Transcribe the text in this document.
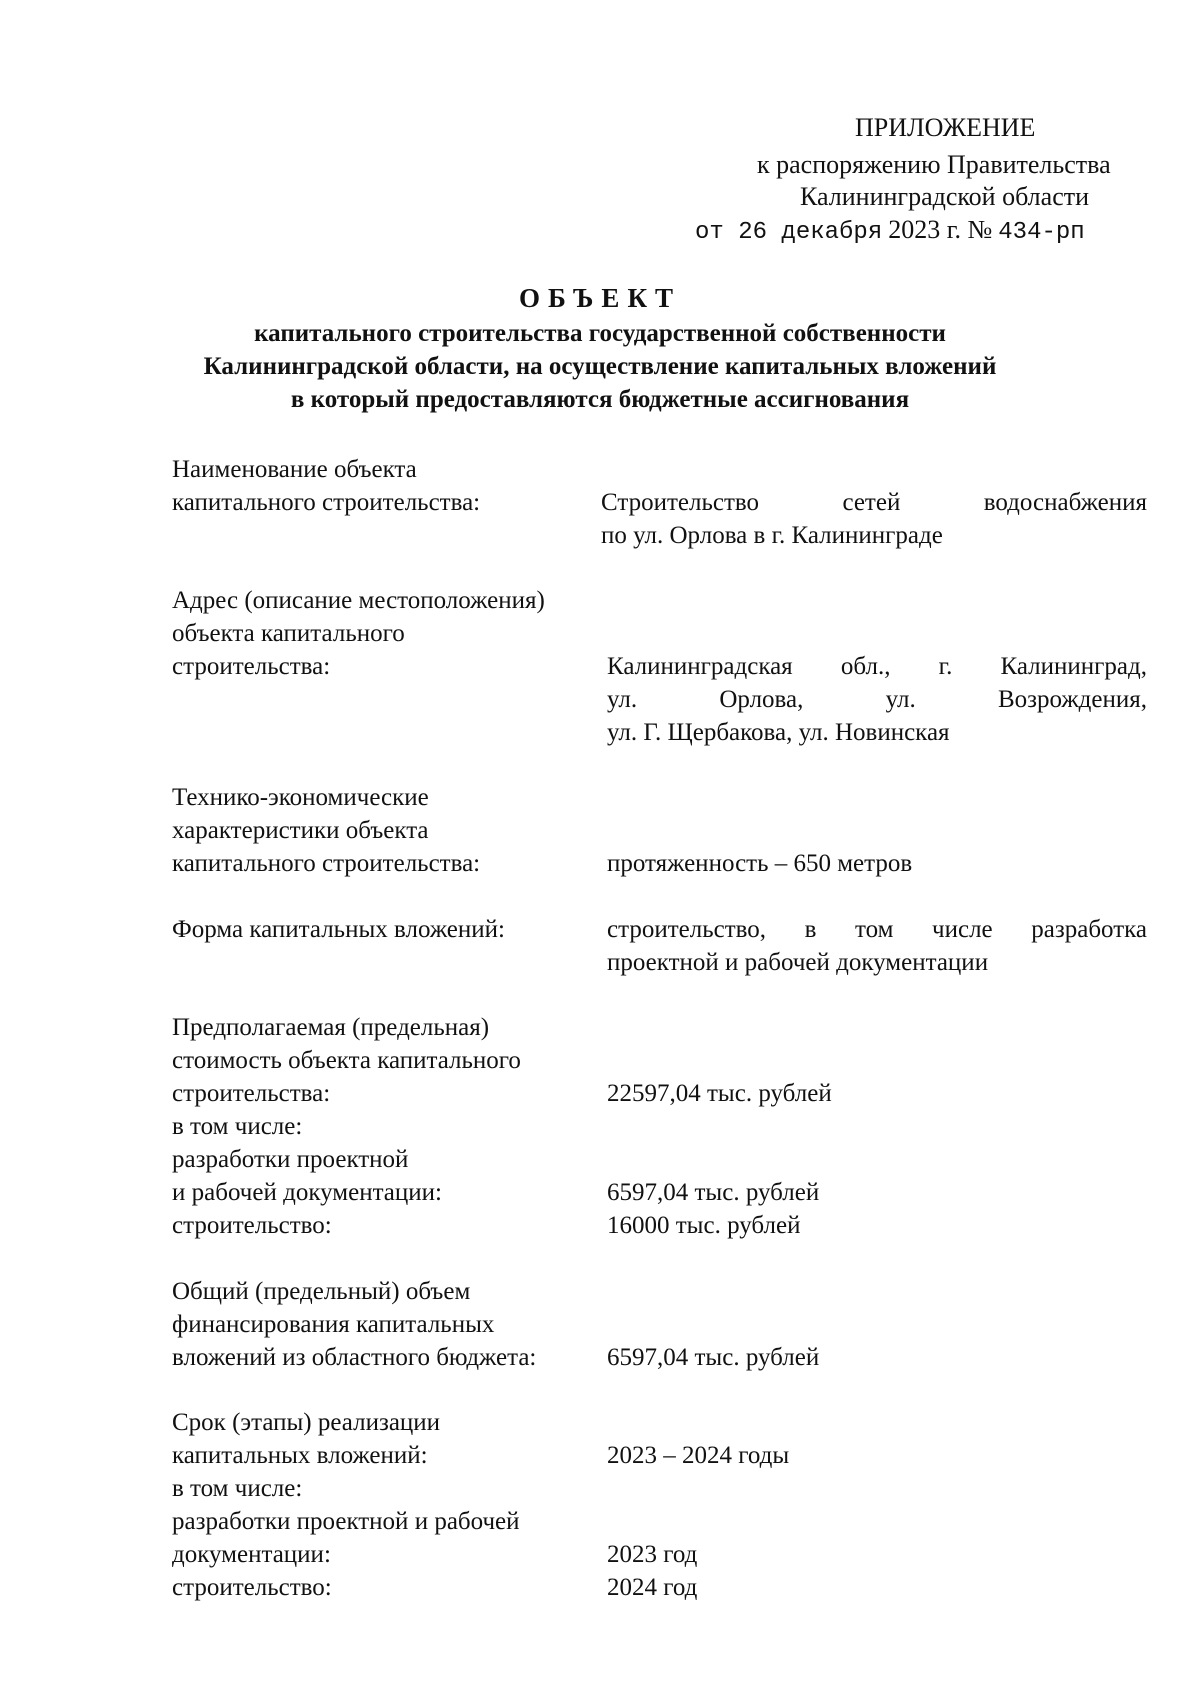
ПРИЛОЖЕНИЕ
к распоряжению Правительства
Калининградской области
от 26 декабря 2023 г. № 434-рп
ОБЪЕКТ
капитального строительства государственной собственности
Калининградской области, на осуществление капитальных вложений
в который предоставляются бюджетные ассигнования
Наименование объекта
капитального строительства:	Строительство сетей водоснабжения
по ул. Орлова в г. Калининграде
Адрес (описание местоположения)
объекта капитального
строительства:	Калининградская обл., г. Калининград,
ул. Орлова, ул. Возрождения,
ул. Г. Щербакова, ул. Новинская
Технико-экономические
характеристики объекта
капитального строительства:	протяженность – 650 метров
Форма капитальных вложений:	строительство, в том числе разработка
проектной и рабочей документации
Предполагаемая (предельная)
стоимость объекта капитального
строительства:	22597,04 тыс. рублей
в том числе:
разработки проектной
и рабочей документации:	6597,04 тыс. рублей
строительство:	16000 тыс. рублей
Общий (предельный) объем
финансирования капитальных
вложений из областного бюджета:	6597,04 тыс. рублей
Срок (этапы) реализации
капитальных вложений:	2023 – 2024 годы
в том числе:
разработки проектной и рабочей
документации:	2023 год
строительство:	2024 год
